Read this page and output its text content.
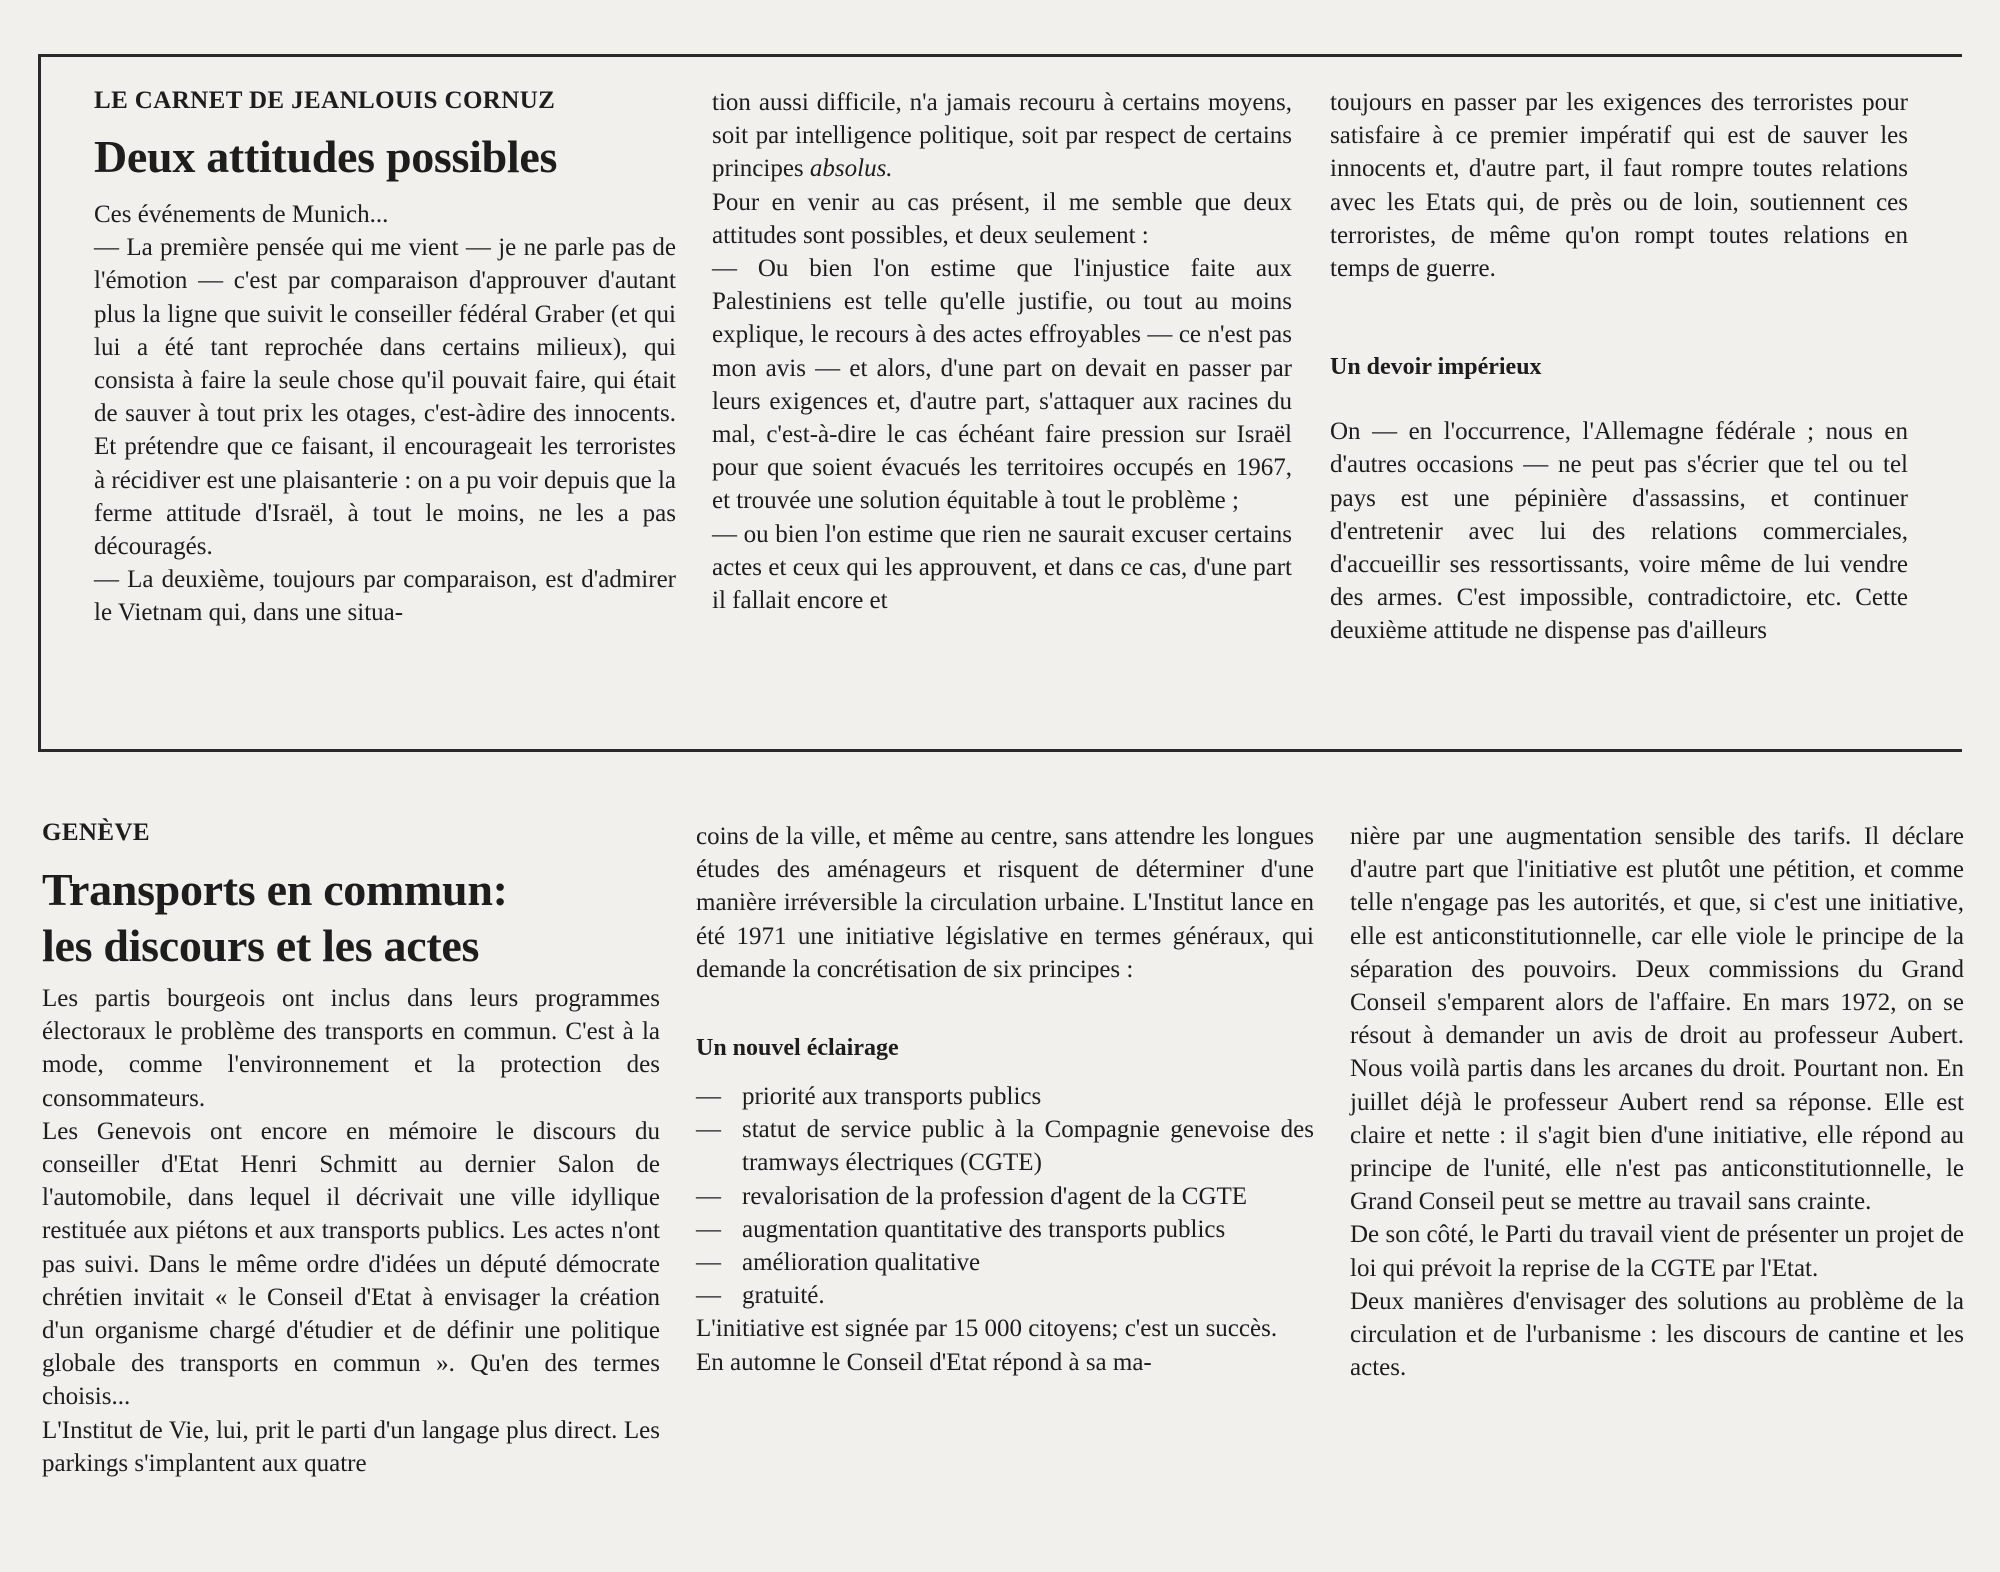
LE CARNET DE JEANLOUIS CORNUZ
Deux attitudes possibles

Ces événements de Munich...

— La première pensée qui me vient — je ne parle pas de l'émotion — c'est par comparaison d'approuver d'autant plus la ligne que suivit le conseiller fédéral Graber (et qui lui a été tant reprochée dans certains milieux), qui consista à faire la seule chose qu'il pouvait faire, qui était de sauver à tout prix les otages, c'est-àdire des innocents. Et prétendre que ce faisant, il encourageait les terroristes à récidiver est une plaisanterie : on a pu voir depuis que la ferme attitude d'Israël, à tout le moins, ne les a pas découragés.

— La deuxième, toujours par comparaison, est d'admirer le Vietnam qui, dans une situa-

tion aussi difficile, n'a jamais recouru à certains moyens, soit par intelligence politique, soit par respect de certains principes absolus.

Pour en venir au cas présent, il me semble que deux attitudes sont possibles, et deux seulement :

— Ou bien l'on estime que l'injustice faite aux Palestiniens est telle qu'elle justifie, ou tout au moins explique, le recours à des actes effroyables — ce n'est pas mon avis — et alors, d'une part on devait en passer par leurs exigences et, d'autre part, s'attaquer aux racines du mal, c'est-à-dire le cas échéant faire pression sur Israël pour que soient évacués les territoires occupés en 1967, et trouvée une solution équitable à tout le problème ;

— ou bien l'on estime que rien ne saurait excuser certains actes et ceux qui les approuvent, et dans ce cas, d'une part il fallait encore et

toujours en passer par les exigences des terroristes pour satisfaire à ce premier impératif qui est de sauver les innocents et, d'autre part, il faut rompre toutes relations avec les Etats qui, de près ou de loin, soutiennent ces terroristes, de même qu'on rompt toutes relations en temps de guerre.

Un devoir impérieux

On — en l'occurrence, l'Allemagne fédérale ; nous en d'autres occasions — ne peut pas s'écrier que tel ou tel pays est une pépinière d'assassins, et continuer d'entretenir avec lui des relations commerciales, d'accueillir ses ressortissants, voire même de lui vendre des armes. C'est impossible, contradictoire, etc. Cette deuxième attitude ne dispense pas d'ailleurs

GENÈVE
Transports en commun:
les discours et les actes

Les partis bourgeois ont inclus dans leurs programmes électoraux le problème des transports en commun. C'est à la mode, comme l'environnement et la protection des consommateurs.

Les Genevois ont encore en mémoire le discours du conseiller d'Etat Henri Schmitt au dernier Salon de l'automobile, dans lequel il décrivait une ville idyllique restituée aux piétons et aux transports publics. Les actes n'ont pas suivi. Dans le même ordre d'idées un député démocrate chrétien invitait « le Conseil d'Etat à envisager la création d'un organisme chargé d'étudier et de définir une politique globale des transports en commun ». Qu'en des termes choisis...

L'Institut de Vie, lui, prit le parti d'un langage plus direct. Les parkings s'implantent aux quatre

coins de la ville, et même au centre, sans attendre les longues études des aménageurs et risquent de déterminer d'une manière irréversible la circulation urbaine. L'Institut lance en été 1971 une initiative législative en termes généraux, qui demande la concrétisation de six principes :

Un nouvel éclairage

— priorité aux transports publics
— statut de service public à la Compagnie genevoise des tramways électriques (CGTE)
— revalorisation de la profession d'agent de la CGTE
— augmentation quantitative des transports publics
— amélioration qualitative
— gratuité.

L'initiative est signée par 15 000 citoyens; c'est un succès.

En automne le Conseil d'Etat répond à sa ma-

nière par une augmentation sensible des tarifs. Il déclare d'autre part que l'initiative est plutôt une pétition, et comme telle n'engage pas les autorités, et que, si c'est une initiative, elle est anticonstitutionnelle, car elle viole le principe de la séparation des pouvoirs. Deux commissions du Grand Conseil s'emparent alors de l'affaire. En mars 1972, on se résout à demander un avis de droit au professeur Aubert. Nous voilà partis dans les arcanes du droit. Pourtant non. En juillet déjà le professeur Aubert rend sa réponse. Elle est claire et nette : il s'agit bien d'une initiative, elle répond au principe de l'unité, elle n'est pas anticonstitutionnelle, le Grand Conseil peut se mettre au travail sans crainte.

De son côté, le Parti du travail vient de présenter un projet de loi qui prévoit la reprise de la CGTE par l'Etat.

Deux manières d'envisager des solutions au problème de la circulation et de l'urbanisme : les discours de cantine et les actes.
